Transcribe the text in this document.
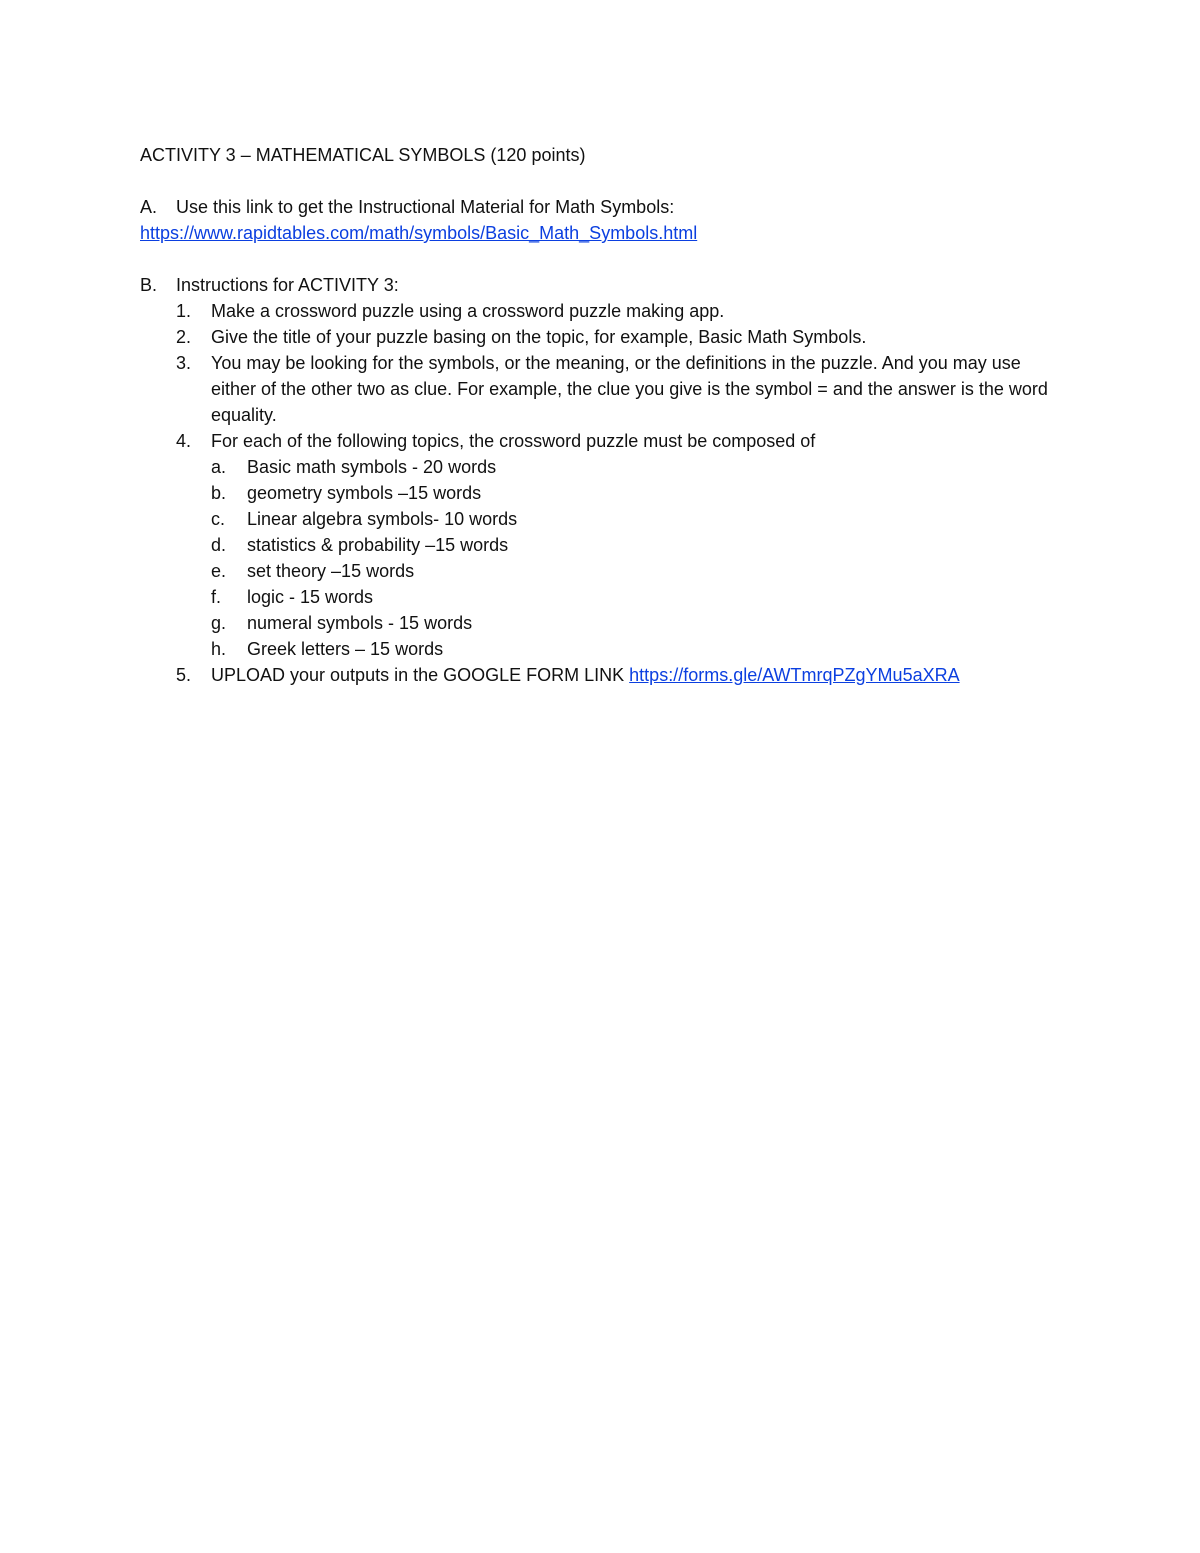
ACTIVITY 3 – MATHEMATICAL SYMBOLS (120 points)

A.	Use this link to get the Instructional Material for Math Symbols:
https://www.rapidtables.com/math/symbols/Basic_Math_Symbols.html
B.	Instructions for ACTIVITY 3:
1.	Make a crossword puzzle using a crossword puzzle making app.
2.	Give the title of your puzzle basing on the topic, for example, Basic Math Symbols.
3.	You may be looking for the symbols, or the meaning, or the definitions in the puzzle. And you may use either of the other two as clue. For example, the clue you give is the symbol = and the answer is the word equality.
4.	For each of the following topics, the crossword puzzle must be composed of
a.	Basic math symbols - 20 words
b.	geometry symbols –15 words
c.	Linear algebra symbols- 10 words
d.	statistics & probability –15 words
e.	set theory –15 words
f.	logic - 15 words
g.	numeral symbols - 15 words
h.	Greek letters – 15 words
5.	UPLOAD your outputs in the GOOGLE FORM LINK https://forms.gle/AWTmrqPZgYMu5aXRA
